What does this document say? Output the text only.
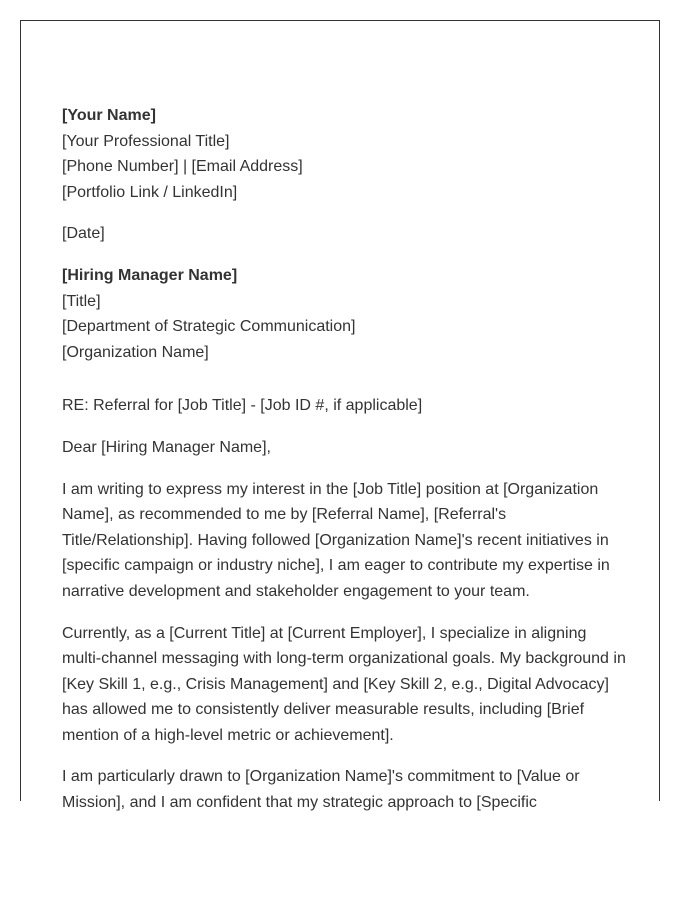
[Your Name]
[Your Professional Title]
[Phone Number] | [Email Address]
[Portfolio Link / LinkedIn]
[Date]
[Hiring Manager Name]
[Title]
[Department of Strategic Communication]
[Organization Name]
RE: Referral for [Job Title] - [Job ID #, if applicable]
Dear [Hiring Manager Name],

I am writing to express my interest in the [Job Title] position at [Organization Name], as recommended to me by [Referral Name], [Referral's Title/Relationship]. Having followed [Organization Name]'s recent initiatives in [specific campaign or industry niche], I am eager to contribute my expertise in narrative development and stakeholder engagement to your team.

Currently, as a [Current Title] at [Current Employer], I specialize in aligning multi-channel messaging with long-term organizational goals. My background in [Key Skill 1, e.g., Crisis Management] and [Key Skill 2, e.g., Digital Advocacy] has allowed me to consistently deliver measurable results, including [Brief mention of a high-level metric or achievement].

I am particularly drawn to [Organization Name]'s commitment to [Value or Mission], and I am confident that my strategic approach to [Specific
